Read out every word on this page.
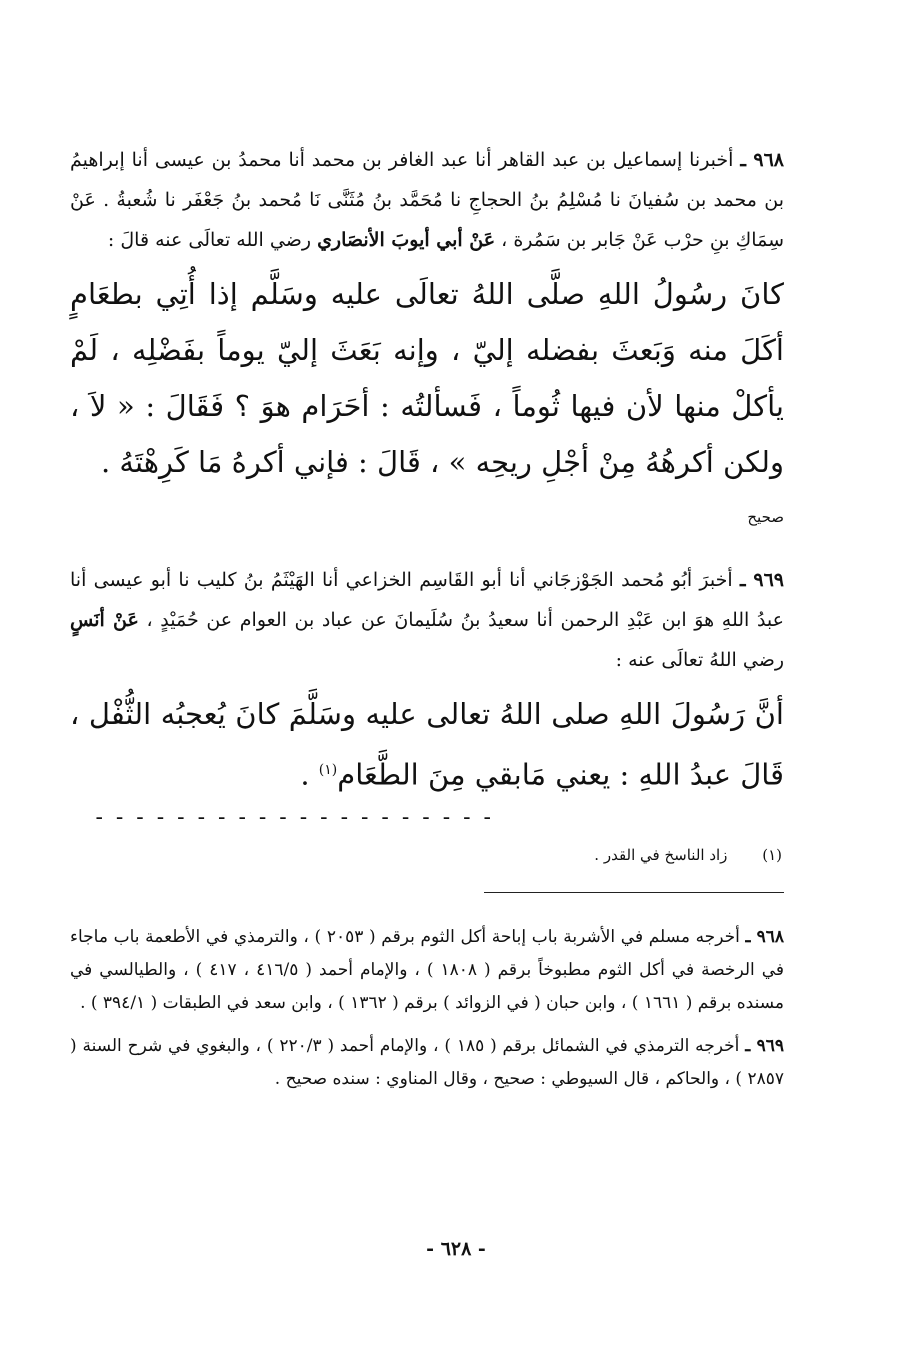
٩٦٨ ـ أخبرنا إسماعيل بن عبد القاهر أنا عبد الغافر بن محمد أنا محمدُ بن عيسى أنا إبراهيمُ بن محمد بن سُفيانَ نا مُسْلِمُ بنُ الحجاجِ نا مُحَمَّد بنُ مُثَنَّى نَا مُحمد بنُ جَعْفَر نا شُعبةُ . عَنْ سِمَاكِ بنِ حرْب عَنْ جَابر بن سَمُرة ، عَنْ أبي أيوبَ الأنصَاري رضي الله تعالَى عنه قالَ :

كانَ رسُولُ اللهِ صلَّى اللهُ تعالَى عليه وسَلَّم إذا أُتِي بطعَامٍ أكَلَ منه وَبَعثَ بفضله إليّ ، وإنه بَعَثَ إليّ يوماً بفَضْلِه ، لَمْ يأكلْ منها لأن فيها ثُوماً ، فَسألتُه : أحَرَام هوَ ؟ فَقَالَ : « لاَ ، ولكن أكرهُهُ مِنْ أجْلِ ريحِه » ، قَالَ : فإني أكرهُ مَا كَرِهْتَهُ .

صحيح

٩٦٩ ـ أخبرَ أبُو مُحمد الجَوْزجَاني أنا أبو القَاسِم الخزاعي أنا الهَيْثَمُ بنُ كليب نا أبو عيسى أنا عبدُ اللهِ هوَ ابن عَبْدِ الرحمن أنا سعيدُ بنُ سُلَيمانَ عن عباد بن العوام عن حُمَيْدٍ ، عَنْ أنَسٍ رضي اللهُ تعالَى عنه :

أنَّ رَسُولَ اللهِ صلى اللهُ تعالى عليه وسَلَّمَ كانَ يُعجبُه الثُّفْل ، قَالَ عبدُ اللهِ : يعني مَابقي مِنَ الطَّعَام$^{(١)}$ .

- - - - - - - - - - - - - - - - - - - -

(١) زاد الناسخ في القدر .

٩٦٨ ـ أخرجه مسلم في الأشربة باب إباحة أكل الثوم برقم ( ٢٠٥٣ ) ، والترمذي في الأطعمة باب ماجاء في الرخصة في أكل الثوم مطبوخاً برقم ( ١٨٠٨ ) ، والإمام أحمد ( ٤١٦/٥ ، ٤١٧ ) ، والطيالسي في مسنده برقم ( ١٦٦١ ) ، وابن حبان ( في الزوائد ) برقم ( ١٣٦٢ ) ، وابن سعد في الطبقات ( ٣٩٤/١ ) .

٩٦٩ ـ أخرجه الترمذي في الشمائل برقم ( ١٨٥ ) ، والإمام أحمد ( ٢٢٠/٣ ) ، والبغوي في شرح السنة ( ٢٨٥٧ ) ، والحاكم ، قال السيوطي : صحيح ، وقال المناوي : سنده صحيح .

- ٦٢٨ -
